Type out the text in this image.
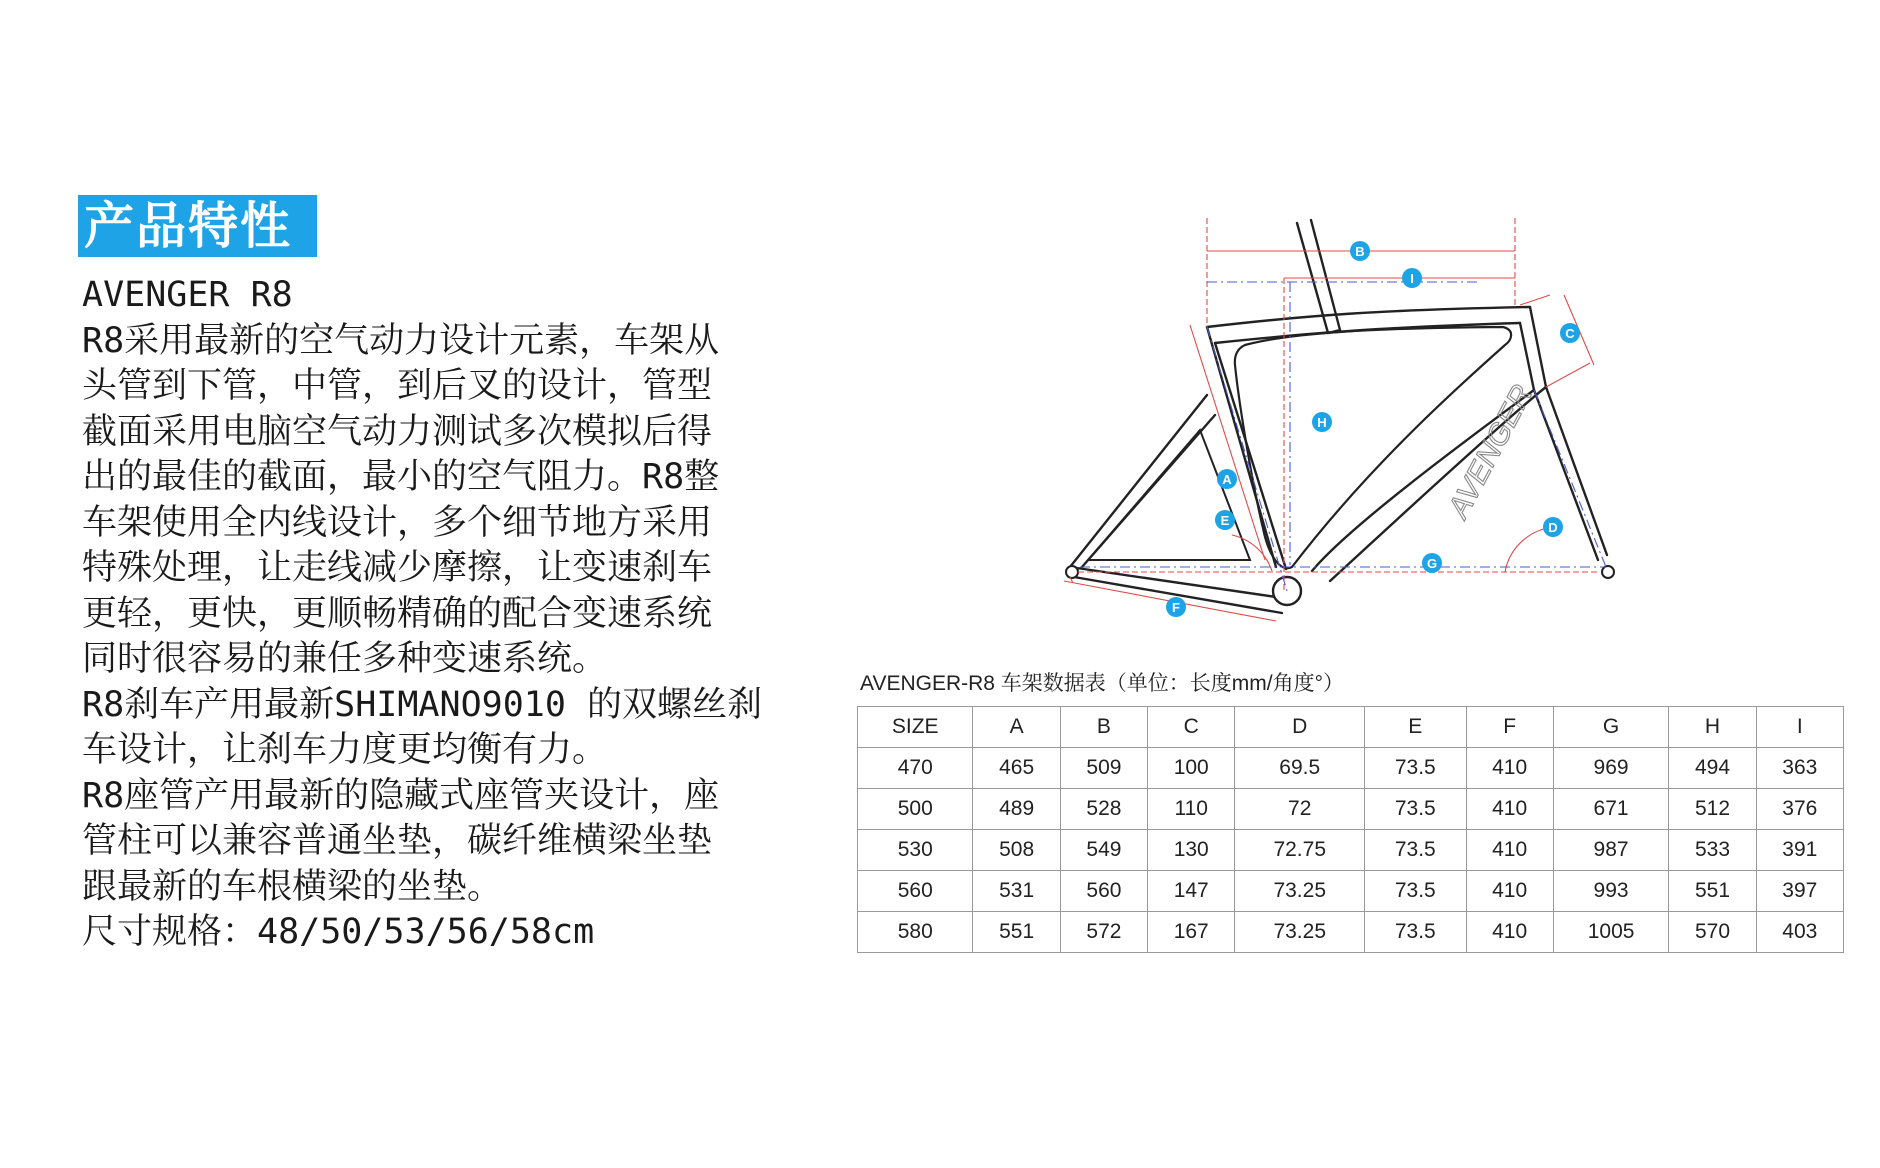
产品特性

AVENGER R8

R8采用最新的空气动力设计元素，车架从

头管到下管，中管，到后叉的设计，管型

截面采用电脑空气动力测试多次模拟后得

出的最佳的截面，最小的空气阻力。R8整

车架使用全内线设计，多个细节地方采用

特殊处理，让走线减少摩擦，让变速刹车

更轻，更快，更顺畅精确的配合变速系统

同时很容易的兼任多种变速系统。

R8刹车产用最新SHIMANO9010 的双螺丝刹

车设计，让刹车力度更均衡有力。

R8座管产用最新的隐藏式座管夹设计，座

管柱可以兼容普通坐垫，碳纤维横梁坐垫

跟最新的车根横梁的坐垫。

尺寸规格：48/50/53/56/58cm

AVENGER
B
I
C
H
A
E	D
G
F
AVENGER-R8 车架数据表（单位：长度mm/角度°）
SIZE	A	B	C	D	E	F	G	H	I
470	465	509	100	69.5	73.5	410	969	494	363
500	489	528	110	72	73.5	410	671	512	376
530	508	549	130	72.75	73.5	410	987	533	391
560	531	560	147	73.25	73.5	410	993	551	397
580	551	572	167	73.25	73.5	410	1005	570	403
